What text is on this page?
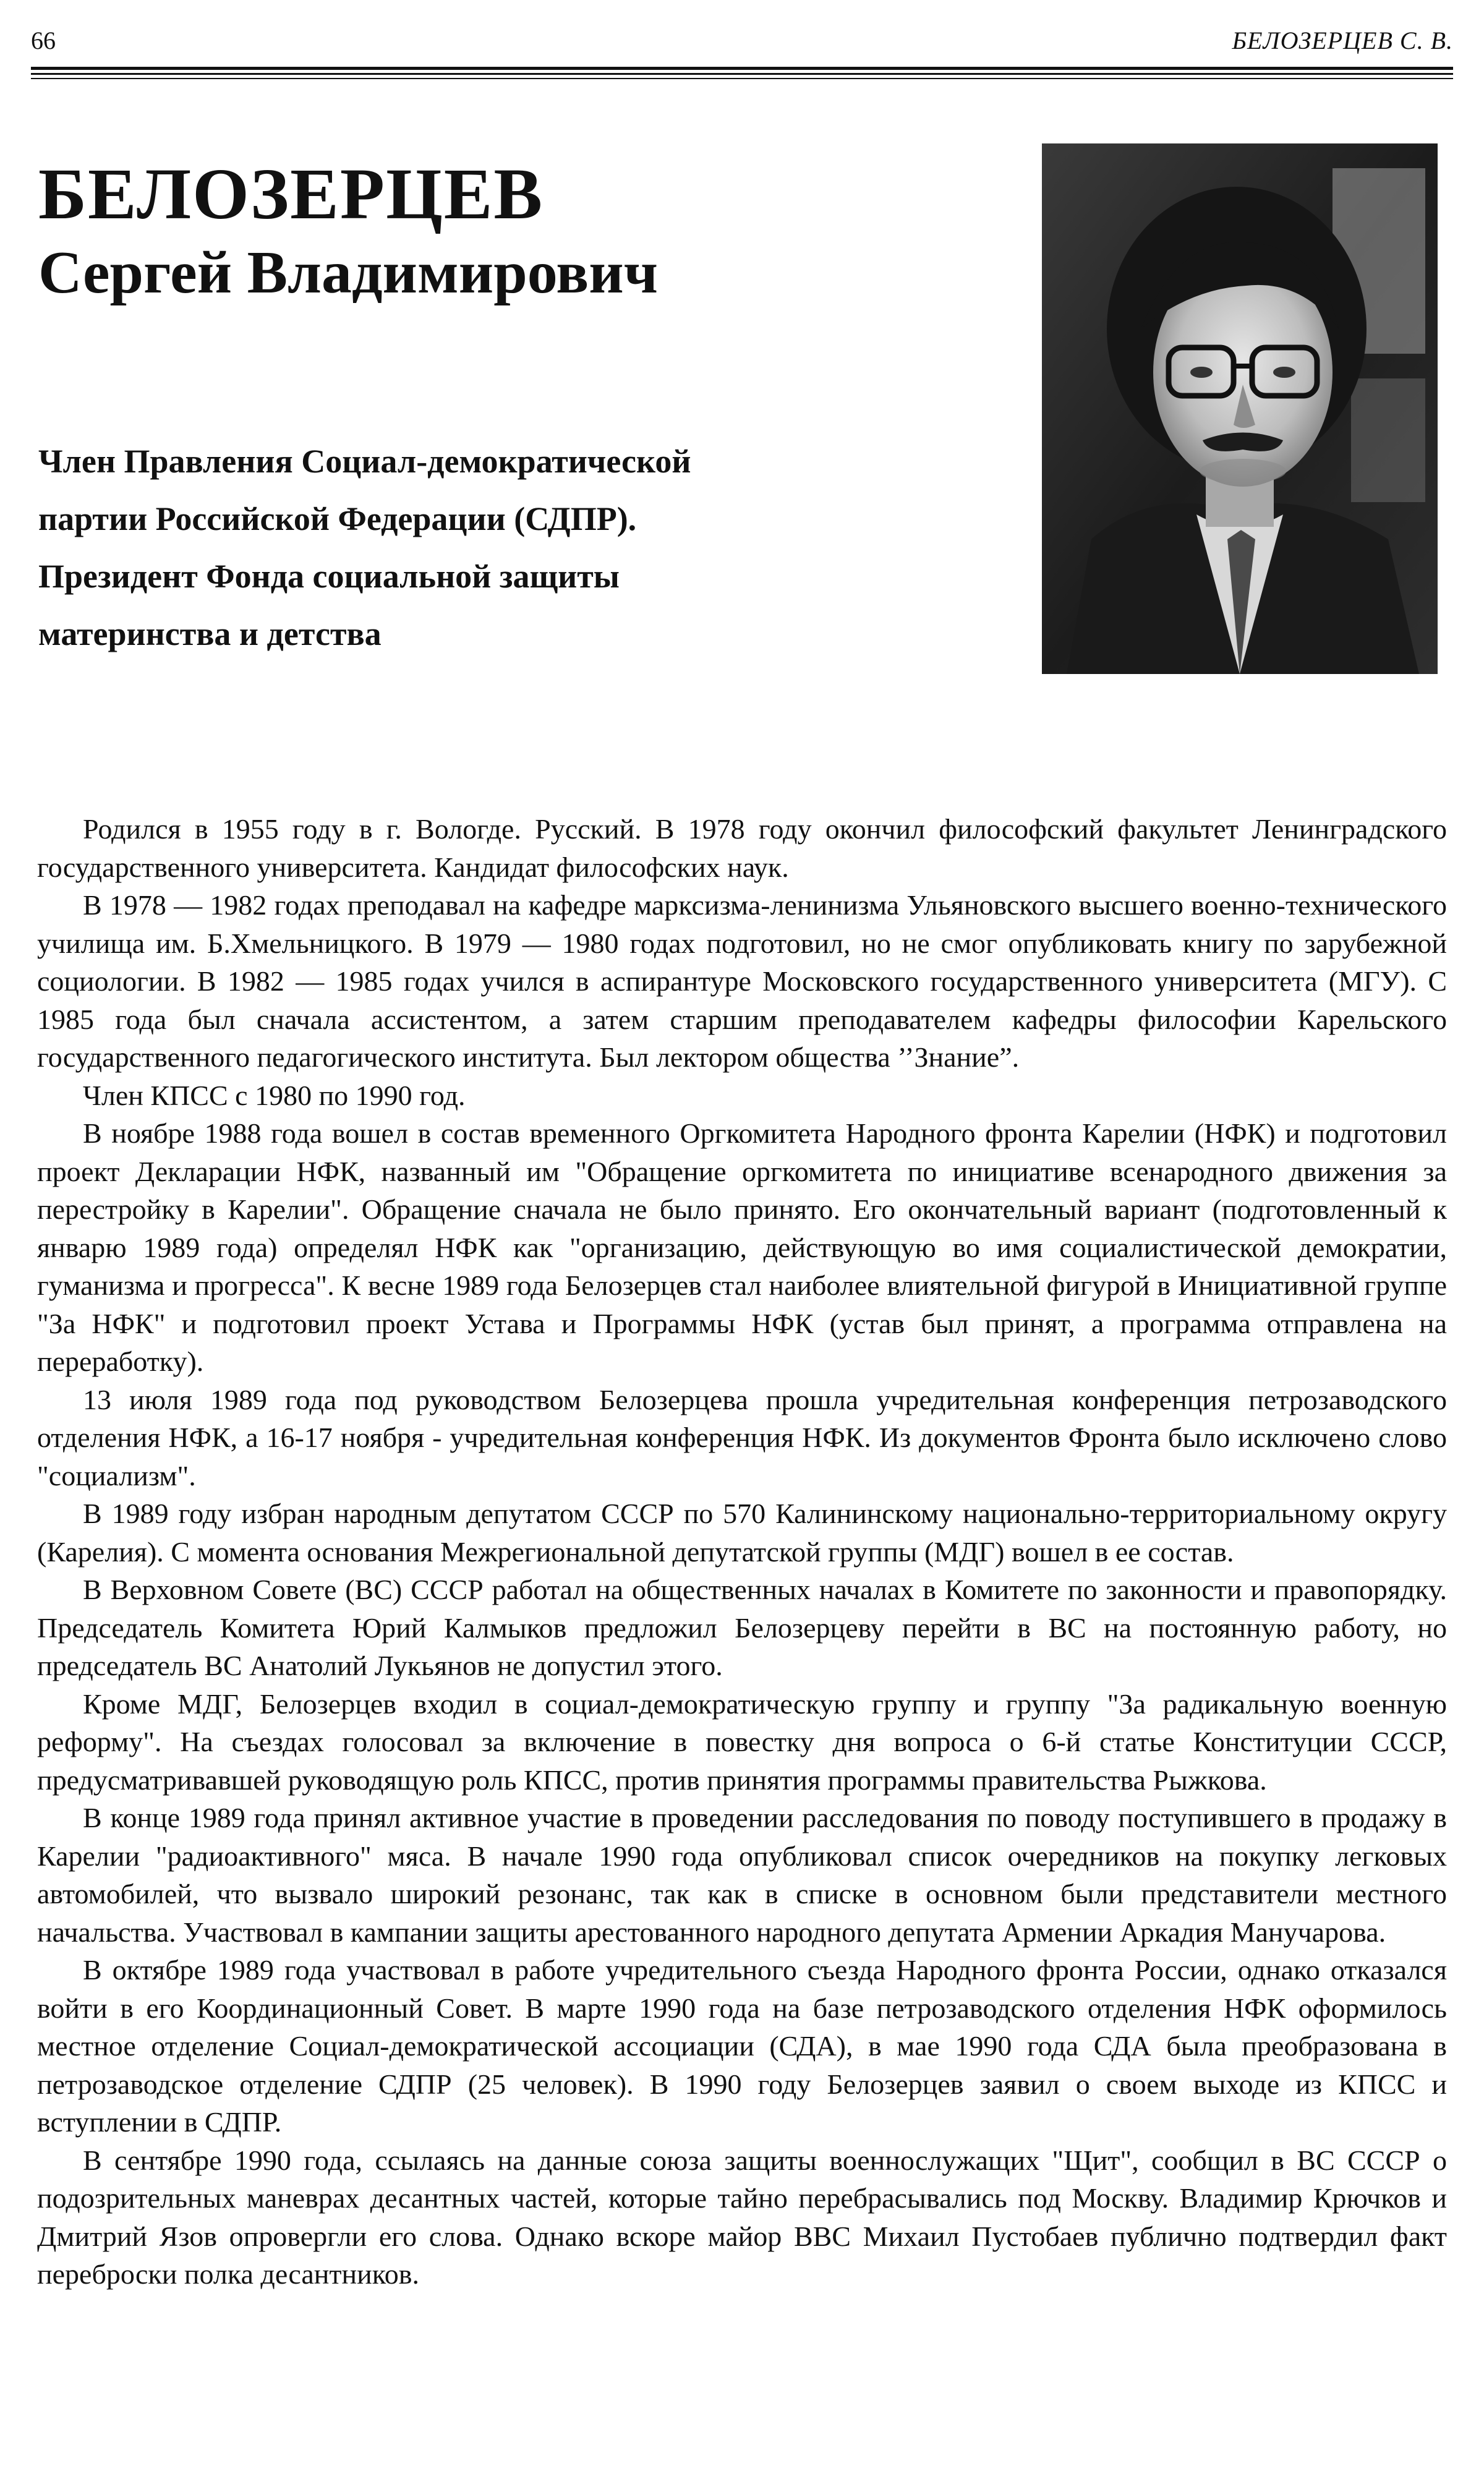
66	БЕЛОЗЕРЦЕВ С. В.
БЕЛОЗЕРЦЕВ
Сергей Владимирович
Член Правления Социал-демократической
партии Российской Федерации (СДПР).
Президент Фонда социальной защиты
материнства и детства

Родился в 1955 году в г. Вологде. Русский. В 1978 году окончил философский факультет Ленинградского государственного университета. Кандидат философских наук.

В 1978 — 1982 годах преподавал на кафедре марксизма-ленинизма Ульяновского высшего военно-технического училища им. Б.Хмельницкого. В 1979 — 1980 годах подготовил, но не смог опубликовать книгу по зарубежной социологии. В 1982 — 1985 годах учился в аспирантуре Московского государственного университета (МГУ). С 1985 года был сначала ассистентом, а затем старшим преподавателем кафедры философии Карельского государственного педагогического института. Был лектором общества ’’Знание”.

Член КПСС с 1980 по 1990 год.

В ноябре 1988 года вошел в состав временного Оргкомитета Народного фронта Карелии (НФК) и подготовил проект Декларации НФК, названный им "Обращение оргкомитета по инициативе всенародного движения за перестройку в Карелии". Обращение сначала не было принято. Его окончательный вариант (подготовленный к январю 1989 года) определял НФК как "организацию, действующую во имя социалистической демократии, гуманизма и прогресса". К весне 1989 года Белозерцев стал наиболее влиятельной фигурой в Инициативной группе "За НФК" и подготовил проект Устава и Программы НФК (устав был принят, а программа отправлена на переработку).

13 июля 1989 года под руководством Белозерцева прошла учредительная конференция петрозаводского отделения НФК, а 16-17 ноября - учредительная конференция НФК. Из документов Фронта было исключено слово "социализм".

В 1989 году избран народным депутатом СССР по 570 Калининскому национально-территориальному округу (Карелия). С момента основания Межрегиональной депутатской группы (МДГ) вошел в ее состав.

В Верховном Совете (ВС) СССР работал на общественных началах в Комитете по законности и правопорядку. Председатель Комитета Юрий Калмыков предложил Белозерцеву перейти в ВС на постоянную работу, но председатель ВС Анатолий Лукьянов не допустил этого.

Кроме МДГ, Белозерцев входил в социал-демократическую группу и группу "За радикальную военную реформу". На съездах голосовал за включение в повестку дня вопроса о 6-й статье Конституции СССР, предусматривавшей руководящую роль КПСС, против принятия программы правительства Рыжкова.

В конце 1989 года принял активное участие в проведении расследования по поводу поступившего в продажу в Карелии "радиоактивного" мяса. В начале 1990 года опубликовал список очередников на покупку легковых автомобилей, что вызвало широкий резонанс, так как в списке в основном были представители местного начальства. Участвовал в кампании защиты арестованного народного депутата Армении Аркадия Манучарова.

В октябре 1989 года участвовал в работе учредительного съезда Народного фронта России, однако отказался войти в его Координационный Совет. В марте 1990 года на базе петрозаводского отделения НФК оформилось местное отделение Социал-демократической ассоциации (СДА), в мае 1990 года СДА была преобразована в петрозаводское отделение СДПР (25 человек). В 1990 году Белозерцев заявил о своем выходе из КПСС и вступлении в СДПР.

В сентябре 1990 года, ссылаясь на данные союза защиты военнослужащих "Щит", сообщил в ВС СССР о подозрительных маневрах десантных частей, которые тайно перебрасывались под Москву. Владимир Крючков и Дмитрий Язов опровергли его слова. Однако вскоре майор ВВС Михаил Пустобаев публично подтвердил факт переброски полка десантников.
